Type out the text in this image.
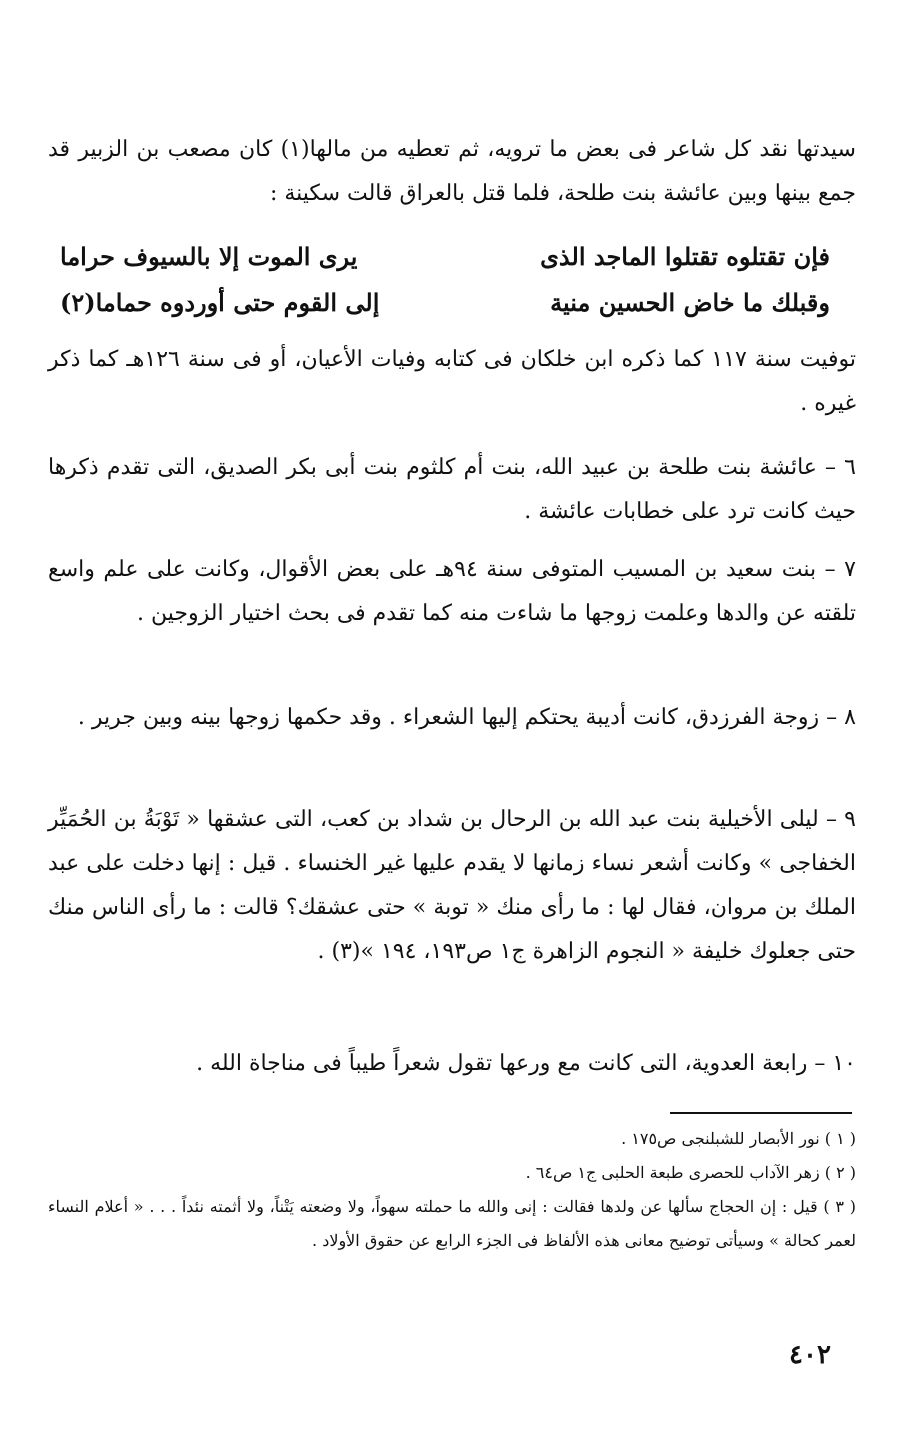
سيدتها نقد كل شاعر فى بعض ما ترويه، ثم تعطيه من مالها(١) كان مصعب بن الزبير قد جمع بينها وبين عائشة بنت طلحة، فلما قتل بالعراق قالت سكينة :
فإن تقتلوه تقتلوا الماجد الذى
يرى الموت إلا بالسيوف حراما
وقبلك ما خاض الحسين منية
إلى القوم حتى أوردوه حماما(٢)
توفيت سنة ١١٧ كما ذكره ابن خلكان فى كتابه وفيات الأعيان، أو فى سنة ١٢٦هـ كما ذكر غيره .
٦ – عائشة بنت طلحة بن عبيد الله، بنت أم كلثوم بنت أبى بكر الصديق، التى تقدم ذكرها حيث كانت ترد على خطابات عائشة .
٧ – بنت سعيد بن المسيب المتوفى سنة ٩٤هـ على بعض الأقوال، وكانت على علم واسع تلقته عن والدها وعلمت زوجها ما شاءت منه كما تقدم فى بحث اختيار الزوجين .
٨ – زوجة الفرزدق، كانت أديبة يحتكم إليها الشعراء . وقد حكمها زوجها بينه وبين جرير .
٩ – ليلى الأخيلية بنت عبد الله بن الرحال بن شداد بن كعب، التى عشقها « تَوْبَةُ بن الحُمَيِّر الخفاجى » وكانت أشعر نساء زمانها لا يقدم عليها غير الخنساء . قيل : إنها دخلت على عبد الملك بن مروان، فقال لها : ما رأى منك « توبة » حتى عشقك؟ قالت : ما رأى الناس منك حتى جعلوك خليفة « النجوم الزاهرة ج١ ص١٩٣، ١٩٤ »(٣) .
١٠ – رابعة العدوية، التى كانت مع ورعها تقول شعراً طيباً فى مناجاة الله .
( ١ ) نور الأبصار للشبلنجى ص١٧٥ .
( ٢ ) زهر الآداب للحصرى طبعة الحلبى ج١ ص٦٤ .
( ٣ ) قيل : إن الحجاج سألها عن ولدها فقالت : إنى والله ما حملته سهواً، ولا وضعته يَتْناً، ولا أثمته نئداً . . . « أعلام النساء لعمر كحالة » وسيأتى توضيح معانى هذه الألفاظ فى الجزء الرابع عن حقوق الأولاد .
٤٠٢
